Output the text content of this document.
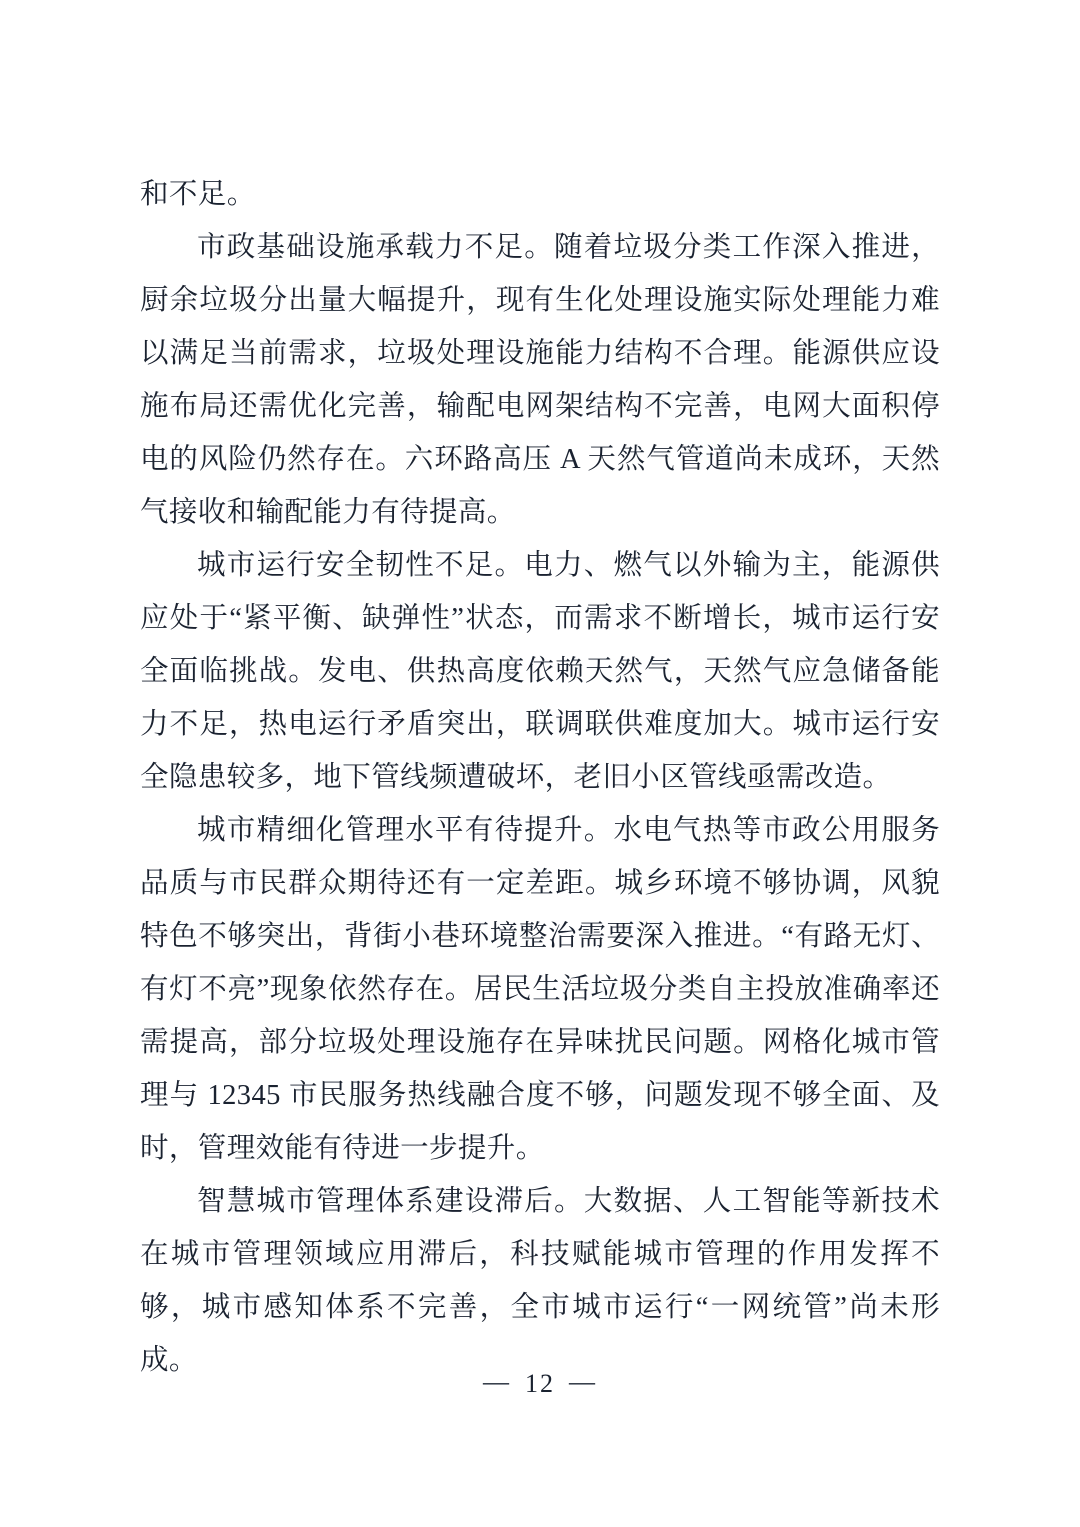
和不足。

市政基础设施承载力不足。随着垃圾分类工作深入推进，厨余垃圾分出量大幅提升，现有生化处理设施实际处理能力难以满足当前需求，垃圾处理设施能力结构不合理。能源供应设施布局还需优化完善，输配电网架结构不完善，电网大面积停电的风险仍然存在。六环路高压 A 天然气管道尚未成环，天然气接收和输配能力有待提高。

城市运行安全韧性不足。电力、燃气以外输为主，能源供应处于“紧平衡、缺弹性”状态，而需求不断增长，城市运行安全面临挑战。发电、供热高度依赖天然气，天然气应急储备能力不足，热电运行矛盾突出，联调联供难度加大。城市运行安全隐患较多，地下管线频遭破坏，老旧小区管线亟需改造。

城市精细化管理水平有待提升。水电气热等市政公用服务品质与市民群众期待还有一定差距。城乡环境不够协调，风貌特色不够突出，背街小巷环境整治需要深入推进。“有路无灯、有灯不亮”现象依然存在。居民生活垃圾分类自主投放准确率还需提高，部分垃圾处理设施存在异味扰民问题。网格化城市管理与 12345 市民服务热线融合度不够，问题发现不够全面、及时，管理效能有待进一步提升。

智慧城市管理体系建设滞后。大数据、人工智能等新技术在城市管理领域应用滞后，科技赋能城市管理的作用发挥不够，城市感知体系不完善，全市城市运行“一网统管”尚未形成。

— 12 —
